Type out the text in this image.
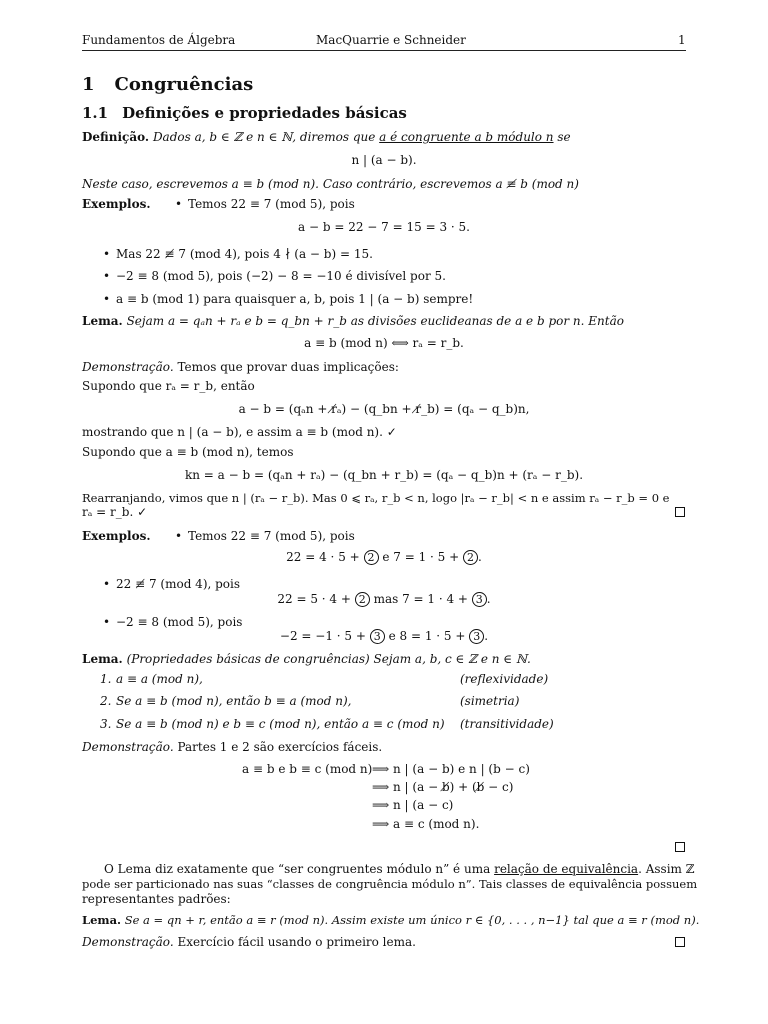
Fundamentos de Álgebra	MacQuarrie e Schneider	1
1 Congruências
1.1 Definições e propriedades básicas
Definição. Dados a, b ∈ ℤ e n ∈ ℕ, diremos que a é congruente a b módulo n se
n | (a − b).
Neste caso, escrevemos a ≡ b (mod n). Caso contrário, escrevemos a ≢ b (mod n)
Exemplos.	• Temos 22 ≡ 7 (mod 5), pois
a − b = 22 − 7 = 15 = 3 · 5.
• Mas 22 ≢ 7 (mod 4), pois 4 ∤ (a − b) = 15.
• −2 ≡ 8 (mod 5), pois (−2) − 8 = −10 é divisível por 5.
• a ≡ b (mod 1) para quaisquer a, b, pois 1 | (a − b) sempre!
Lema. Sejam a = qₐn + rₐ e b = q_bn + r_b as divisões euclideanas de a e b por n. Então
a ≡ b (mod n) ⟺ rₐ = r_b.
Demonstração. Temos que provar duas implicações:
Supondo que rₐ = r_b, então
a − b = (qₐn + r̸ₐ) − (q_bn + r̸_b) = (qₐ − q_b)n,
mostrando que n | (a − b), e assim a ≡ b (mod n). ✓
Supondo que a ≡ b (mod n), temos
kn = a − b = (qₐn + rₐ) − (q_bn + r_b) = (qₐ − q_b)n + (rₐ − r_b).
Rearranjando, vimos que n | (rₐ − r_b). Mas 0 ⩽ rₐ, r_b < n, logo |rₐ − r_b| < n e assim rₐ − r_b = 0 e
rₐ = r_b. ✓
Exemplos.	• Temos 22 ≡ 7 (mod 5), pois
22 = 4 · 5 + 2 e 7 = 1 · 5 + 2 .
• 22 ≢ 7 (mod 4), pois
22 = 5 · 4 + 2 mas 7 = 1 · 4 + 3 .
• −2 ≡ 8 (mod 5), pois
−2 = −1 · 5 + 3 e 8 = 1 · 5 + 3 .
Lema. (Propriedades básicas de congruências) Sejam a, b, c ∈ ℤ e n ∈ ℕ.
1. a ≡ a (mod n),	(reflexividade)
2. Se a ≡ b (mod n), então b ≡ a (mod n),	(simetria)
3. Se a ≡ b (mod n) e b ≡ c (mod n), então a ≡ c (mod n) (transitividade)
Demonstração. Partes 1 e 2 são exercícios fáceis.
a ≡ b e b ≡ c (mod n) ⟹ n | (a − b) e n | (b − c)
⟹ n | (a − b̸) + (b̸ − c)
⟹ n | (a − c)
⟹ a ≡ c (mod n).
O Lema diz exatamente que “ser congruentes módulo n” é uma relação de equivalência. Assim ℤ
pode ser particionado nas suas “classes de congruência módulo n”. Tais classes de equivalência possuem
representantes padrões:
Lema. Se a = qn + r, então a ≡ r (mod n). Assim existe um único r ∈ {0, . . . , n−1} tal que a ≡ r (mod n).
Demonstração. Exercício fácil usando o primeiro lema.
